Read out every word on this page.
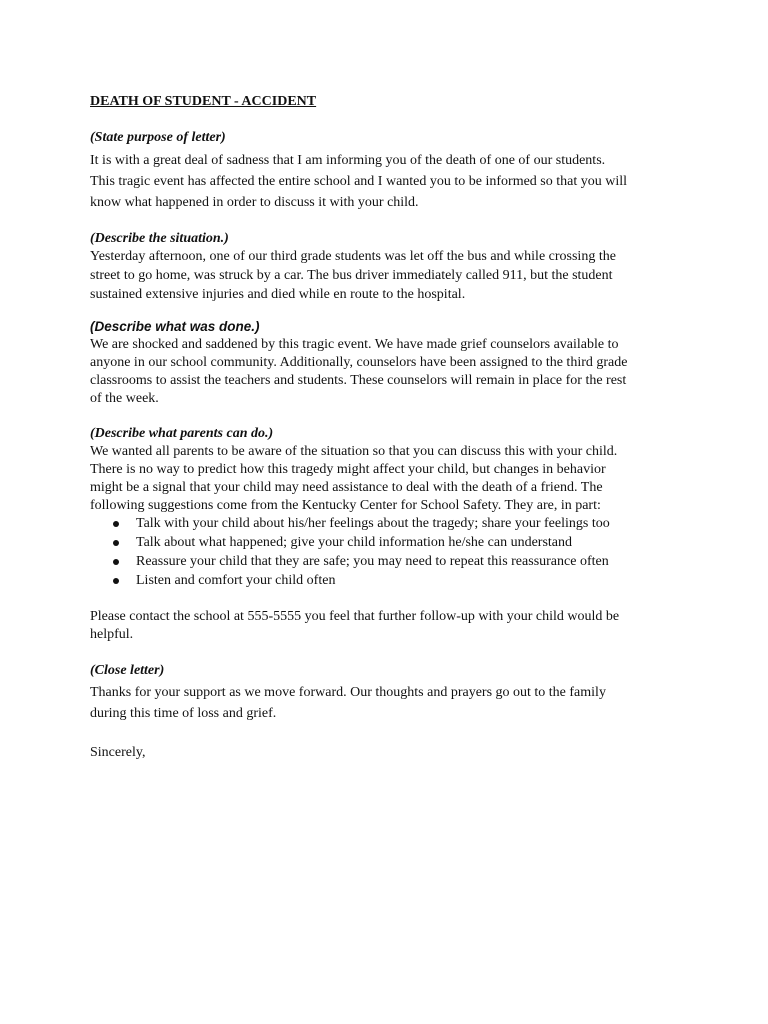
DEATH OF STUDENT - ACCIDENT
(State purpose of letter)
It is with a great deal of sadness that I am informing you of the death of one of our students.
This tragic event has affected the entire school and I wanted you to be informed so that you will
know what happened in order to discuss it with your child.
(Describe the situation.)
Yesterday afternoon, one of our third grade students was let off the bus and while crossing the
street to go home, was struck by a car. The bus driver immediately called 911, but the student
sustained extensive injuries and died while en route to the hospital.
(Describe what was done.)
We are shocked and saddened by this tragic event. We have made grief counselors available to
anyone in our school community. Additionally, counselors have been assigned to the third grade
classrooms to assist the teachers and students. These counselors will remain in place for the rest
of the week.
(Describe what parents can do.)
We wanted all parents to be aware of the situation so that you can discuss this with your child.
There is no way to predict how this tragedy might affect your child, but changes in behavior
might be a signal that your child may need assistance to deal with the death of a friend. The
following suggestions come from the Kentucky Center for School Safety. They are, in part:
Talk with your child about his/her feelings about the tragedy; share your feelings too
Talk about what happened; give your child information he/she can understand
Reassure your child that they are safe; you may need to repeat this reassurance often
Listen and comfort your child often
Please contact the school at 555-5555 you feel that further follow-up with your child would be
helpful.
(Close letter)
Thanks for your support as we move forward. Our thoughts and prayers go out to the family
during this time of loss and grief.
Sincerely,
